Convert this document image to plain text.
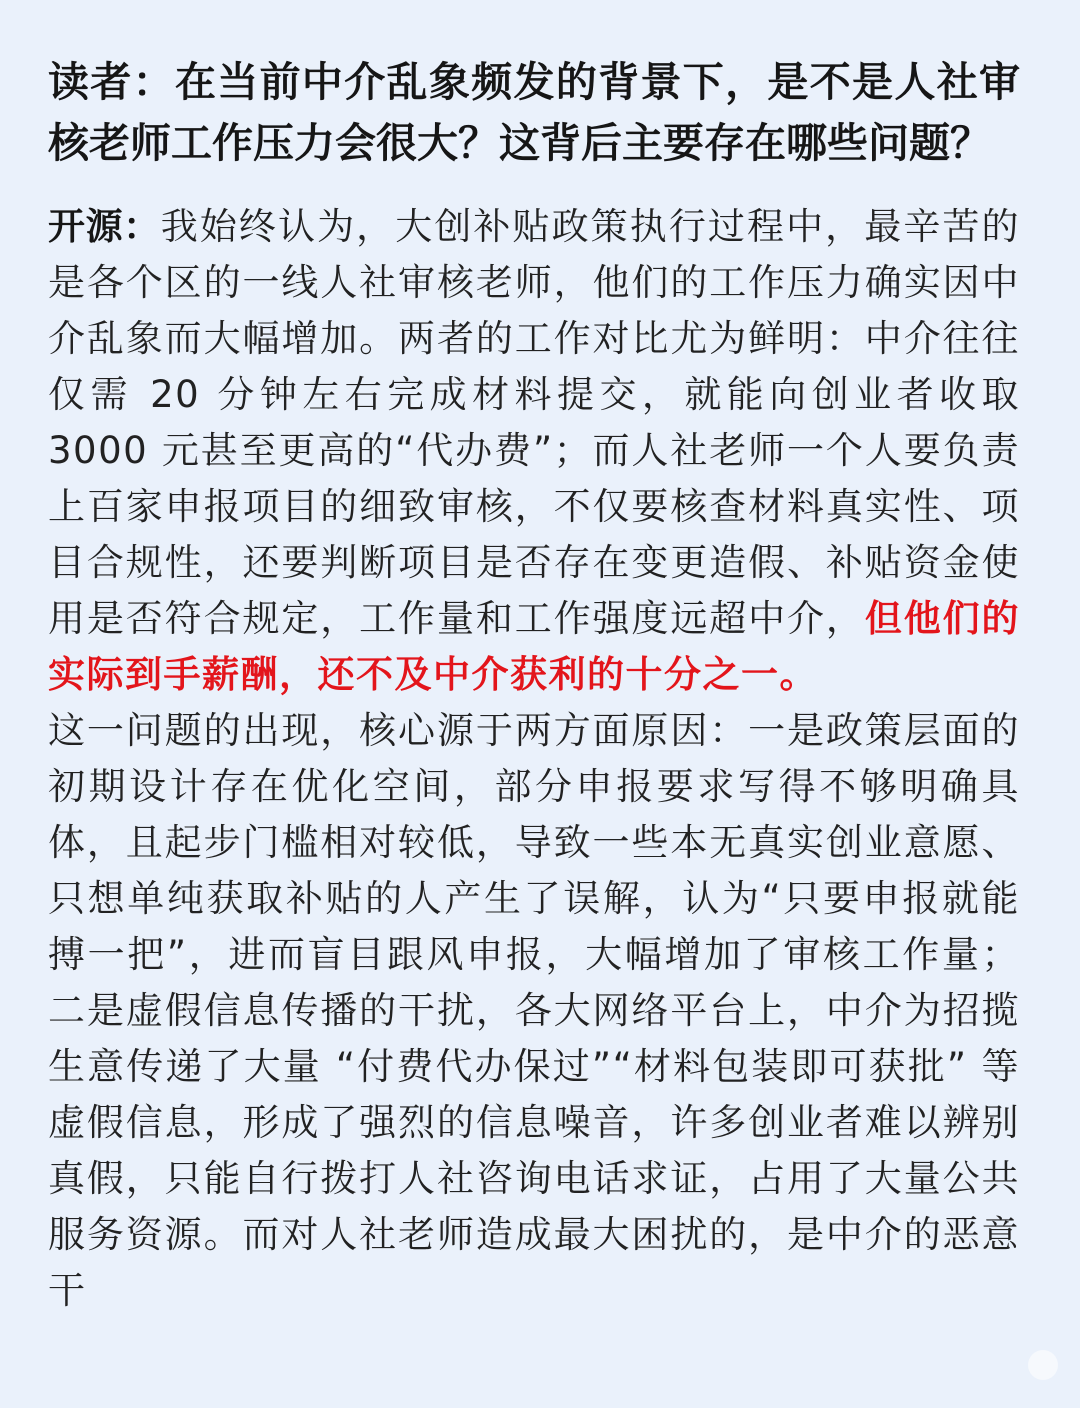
读者：在当前中介乱象频发的背景下，是不是人社审核老师工作压力会很大？这背后主要存在哪些问题？

开源：我始终认为，大创补贴政策执行过程中，最辛苦的是各个区的一线人社审核老师，他们的工作压力确实因中介乱象而大幅增加。两者的工作对比尤为鲜明：中介往往仅需 20 分钟左右完成材料提交，就能向创业者收取 3000 元甚至更高的“代办费”；而人社老师一个人要负责上百家申报项目的细致审核，不仅要核查材料真实性、项目合规性，还要判断项目是否存在变更造假、补贴资金使用是否符合规定，工作量和工作强度远超中介，但他们的实际到手薪酬，还不及中介获利的十分之一。

这一问题的出现，核心源于两方面原因：一是政策层面的初期设计存在优化空间，部分申报要求写得不够明确具体，且起步门槛相对较低，导致一些本无真实创业意愿、只想单纯获取补贴的人产生了误解，认为“只要申报就能搏一把”，进而盲目跟风申报，大幅增加了审核工作量；二是虚假信息传播的干扰，各大网络平台上，中介为招揽生意传递了大量 “付费代办保过”“材料包装即可获批” 等虚假信息，形成了强烈的信息噪音，许多创业者难以辨别真假，只能自行拨打人社咨询电话求证，占用了大量公共服务资源。而对人社老师造成最大困扰的，是中介的恶意干
